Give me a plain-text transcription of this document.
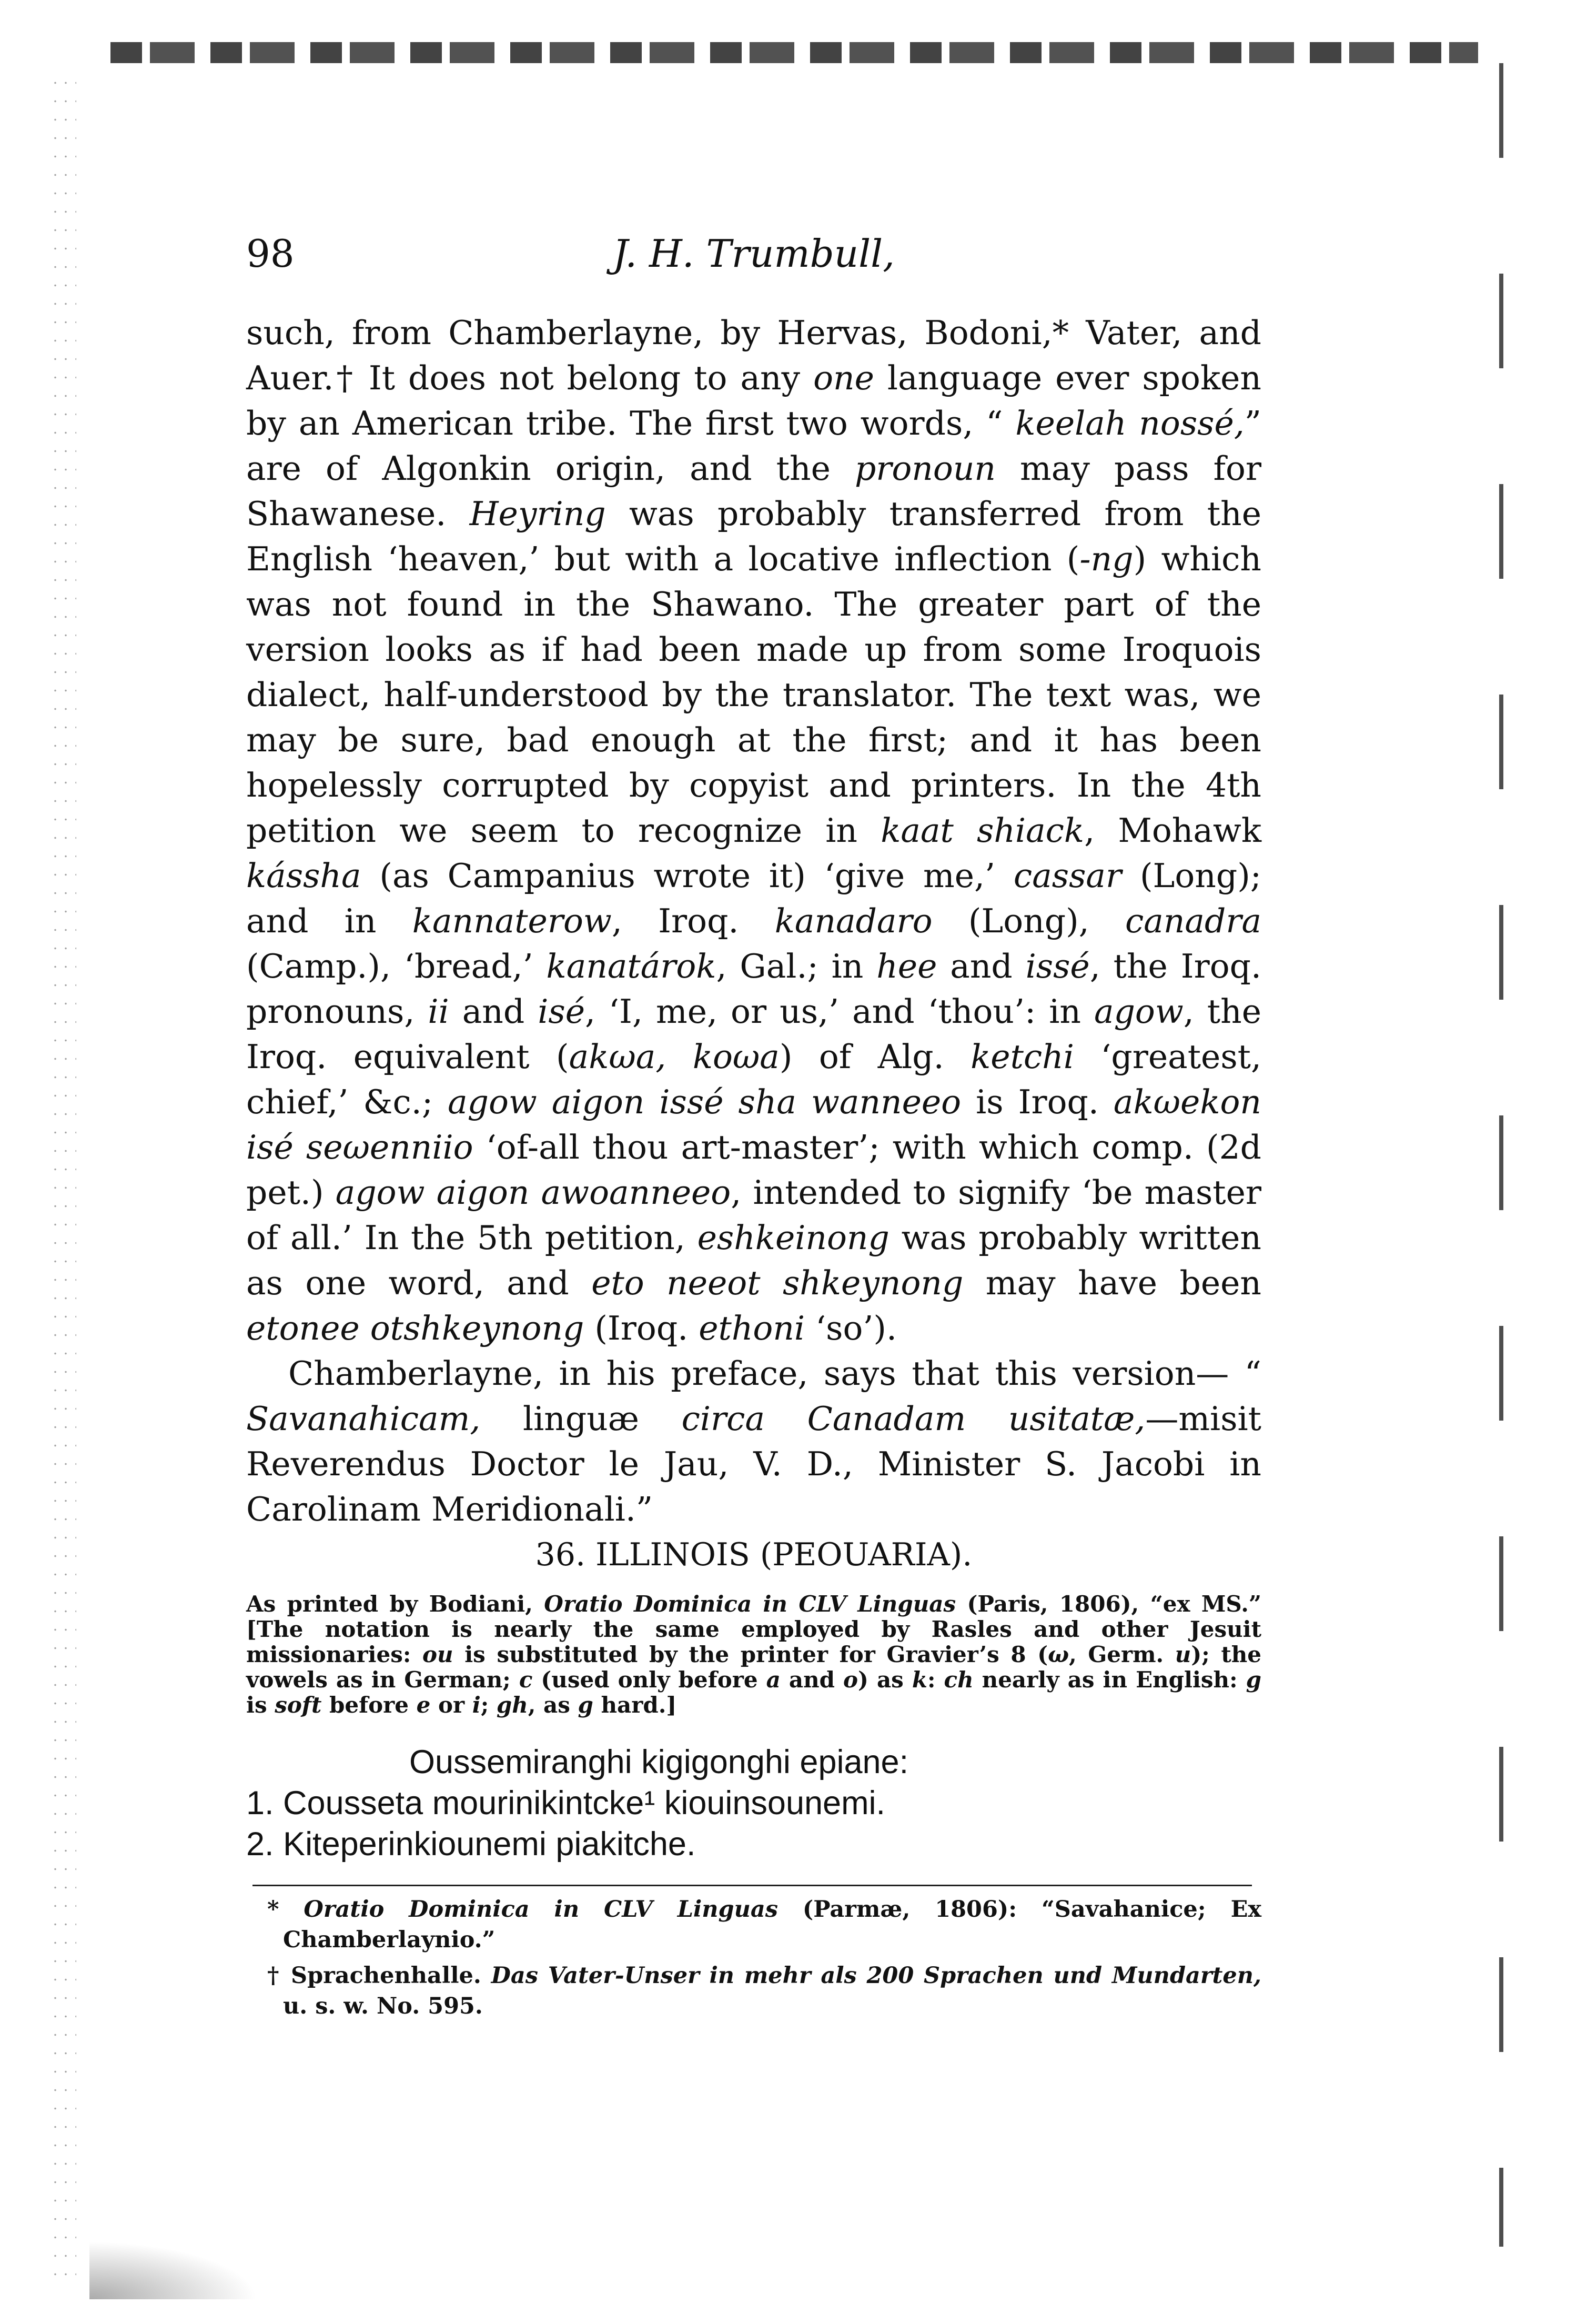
98	J. H. Trumbull,

such, from Chamberlayne, by Hervas, Bodoni,* Vater, and Auer.† It does not belong to any one language ever spoken by an American tribe. The first two words, “ keelah nossé,” are of Algonkin origin, and the pronoun may pass for Shawanese. Heyring was probably transferred from the English ‘heaven,’ but with a locative inflection (-ng) which was not found in the Shawano. The greater part of the version looks as if had been made up from some Iroquois dialect, half-understood by the translator. The text was, we may be sure, bad enough at the first; and it has been hopelessly corrupted by copyist and printers. In the 4th petition we seem to recognize in kaat shiack, Mohawk kássha (as Campanius wrote it) ‘give me,’ cassar (Long); and in kannaterow, Iroq. kanadaro (Long), canadra (Camp.), ‘bread,’ kanatárok, Gal.; in hee and issé, the Iroq. pronouns, ii and isé, ‘I, me, or us,’ and ‘thou’: in agow, the Iroq. equivalent (akωa, koωa) of Alg. ketchi ‘greatest, chief,’ &c.; agow aigon issé sha wanneeo is Iroq. akωekon isé seωenniio ‘of-all thou art-master’; with which comp. (2d pet.) agow aigon awoanneeo, intended to signify ‘be master of all.’ In the 5th petition, eshkeinong was probably written as one word, and eto neeot shkeynong may have been etonee otshkeynong (Iroq. ethoni ‘so’).

Chamberlayne, in his preface, says that this version— “ Savanahicam, linguæ circa Canadam usitatæ,—misit Reverendus Doctor le Jau, V. D., Minister S. Jacobi in Carolinam Meridionali.”

36. ILLINOIS (PEOUARIA).
As printed by Bodiani, Oratio Dominica in CLV Linguas (Paris, 1806), “ex MS.” [The notation is nearly the same employed by Rasles and other Jesuit missionaries: ou is substituted by the printer for Gravier’s 8 (ω, Germ. u); the vowels as in German; c (used only before a and o) as k: ch nearly as in English: g is soft before e or i; gh, as g hard.]
Oussemiranghi kigigonghi epiane:
1. Cousseta mourinikintcke¹ kiouinsounemi.
2. Kiteperinkiounemi piakitche.

* Oratio Dominica in CLV Linguas (Parmæ, 1806): “Savahanice; Ex Chamberlaynio.”

† Sprachenhalle. Das Vater-Unser in mehr als 200 Sprachen und Mundarten, u. s. w. No. 595.
